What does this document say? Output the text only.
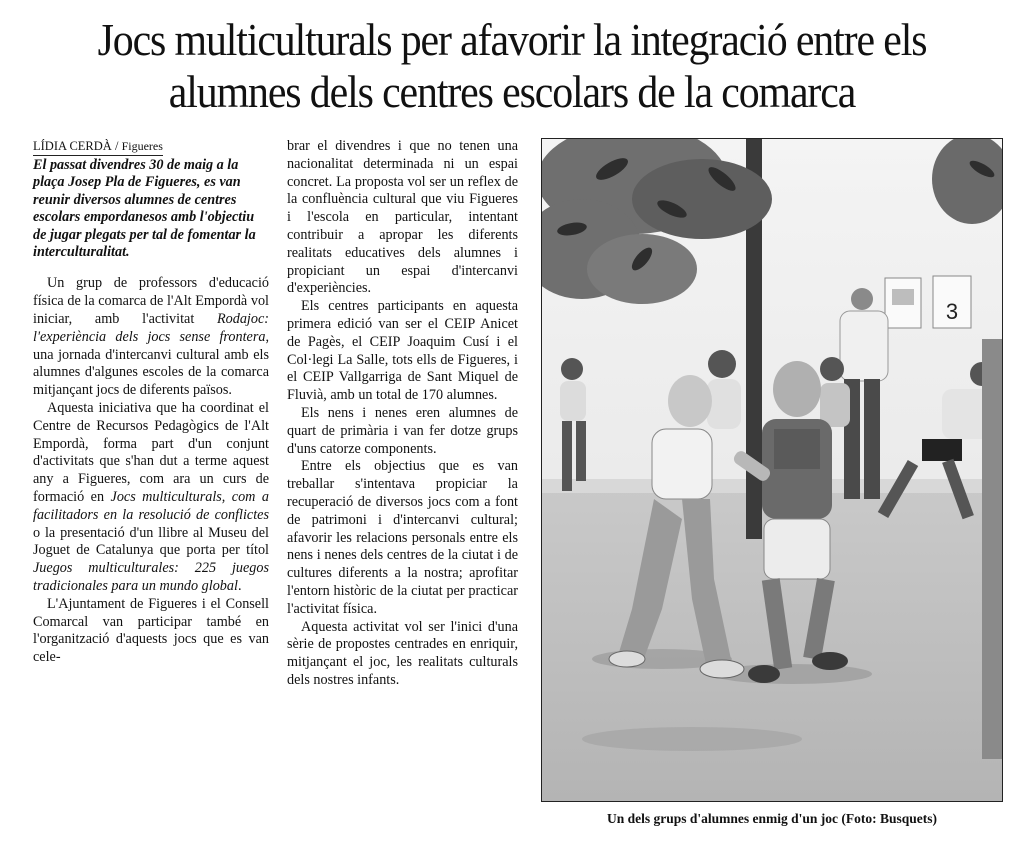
Jocs multiculturals per afavorir la integració entre els
alumnes dels centres escolars de la comarca
LÍDIA CERDÀ / Figueres

El passat divendres 30 de maig a la plaça Josep Pla de Figueres, es van reunir diversos alumnes de centres escolars empordanesos amb l'objectiu de jugar plegats per tal de fomentar la interculturalitat.

Un grup de professors d'educació física de la comarca de l'Alt Empordà vol iniciar, amb l'activitat Rodajoc: l'experiència dels jocs sense frontera, una jornada d'intercanvi cultural amb els alumnes d'algunes escoles de la comarca mitjançant jocs de diferents països.

Aquesta iniciativa que ha coordinat el Centre de Recursos Pedagògics de l'Alt Empordà, forma part d'un conjunt d'activitats que s'han dut a terme aquest any a Figueres, com ara un curs de formació en Jocs multiculturals, com a facilitadors en la resolució de conflictes o la presentació d'un llibre al Museu del Joguet de Catalunya que porta per títol Juegos multiculturales: 225 juegos tradicionales para un mundo global.

L'Ajuntament de Figueres i el Consell Comarcal van participar també en l'organització d'aquests jocs que es van cele-

brar el divendres i que no tenen una nacionalitat determinada ni un espai concret. La proposta vol ser un reflex de la confluència cultural que viu Figueres i l'escola en particular, intentant contribuir a apropar les diferents realitats educatives dels alumnes i propiciant un espai d'intercanvi d'experiències.

Els centres participants en aquesta primera edició van ser el CEIP Anicet de Pagès, el CEIP Joaquim Cusí i el Col·legi La Salle, tots ells de Figueres, i el CEIP Vallgarriga de Sant Miquel de Fluvià, amb un total de 170 alumnes.

Els nens i nenes eren alumnes de quart de primària i van fer dotze grups d'uns catorze components.

Entre els objectius que es van treballar s'intentava propiciar la recuperació de diversos jocs com a font de patrimoni i d'intercanvi cultural; afavorir les relacions personals entre els nens i nenes dels centres de la ciutat i de cultures diferents a la nostra; aprofitar l'entorn històric de la ciutat per practicar l'activitat física.

Aquesta activitat vol ser l'inici d'una sèrie de propostes centrades en enriquir, mitjançant el joc, les realitats culturals dels nostres infants.

3
Un dels grups d'alumnes enmig d'un joc (Foto: Busquets)
